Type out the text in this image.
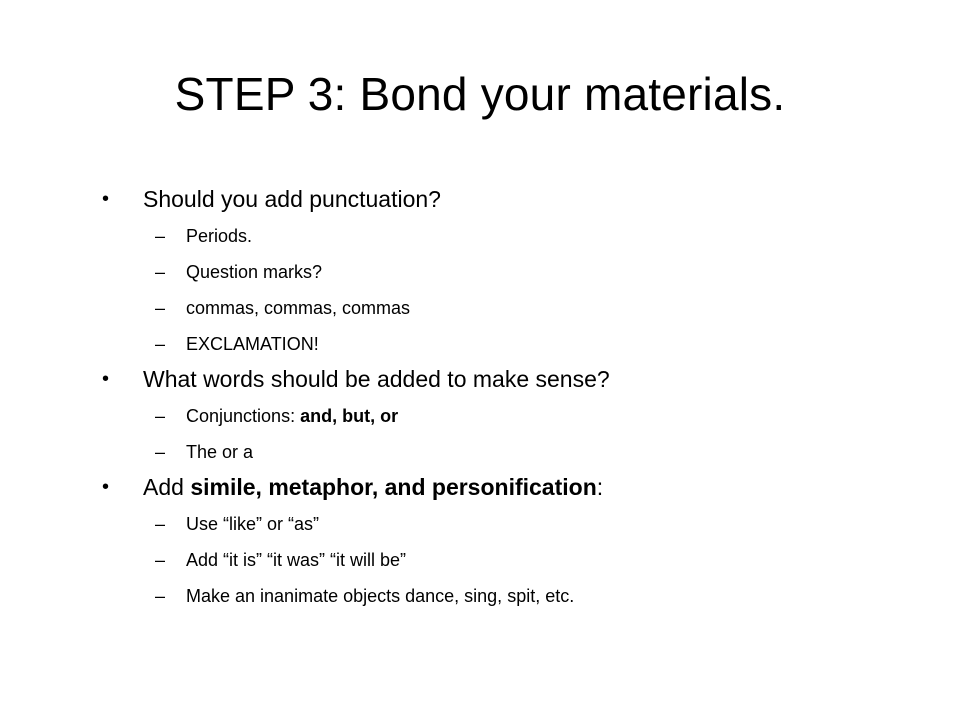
STEP 3: Bond your materials.
• Should you add punctuation?
– Periods.
– Question marks?
– commas, commas, commas
– EXCLAMATION!
• What words should be added to make sense?
– Conjunctions: and, but, or
– The or a
• Add simile, metaphor, and personification:
– Use “like” or “as”
– Add “it is” “it was” “it will be”
– Make an inanimate objects dance, sing, spit, etc.
